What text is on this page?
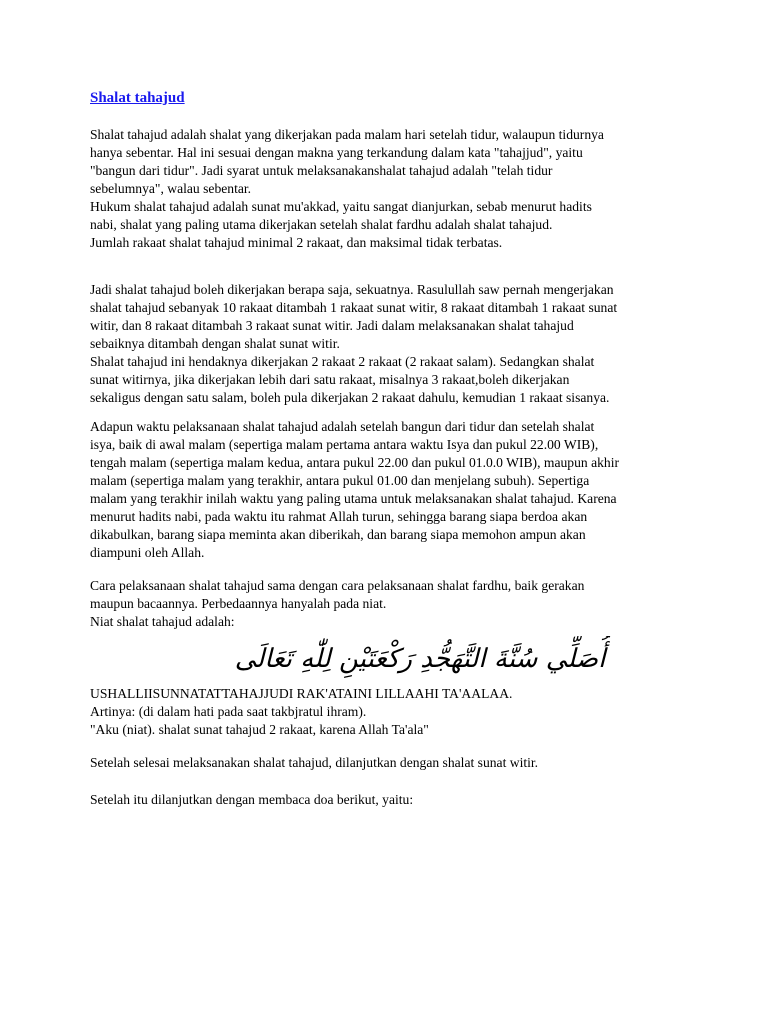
Shalat tahajud
Shalat tahajud adalah shalat yang dikerjakan pada malam hari setelah tidur, walaupun tidurnya
hanya sebentar. Hal ini sesuai dengan makna yang terkandung dalam kata "tahajjud", yaitu
"bangun dari tidur". Jadi syarat untuk melaksanakanshalat tahajud adalah "telah tidur
sebelumnya", walau sebentar.
Hukum shalat tahajud adalah sunat mu'akkad, yaitu sangat dianjurkan, sebab menurut hadits
nabi, shalat yang paling utama dikerjakan setelah shalat fardhu adalah shalat tahajud.
Jumlah rakaat shalat tahajud minimal 2 rakaat, dan maksimal tidak terbatas.
Jadi shalat tahajud boleh dikerjakan berapa saja, sekuatnya. Rasulullah saw pernah mengerjakan
shalat tahajud sebanyak 10 rakaat ditambah 1 rakaat sunat witir, 8 rakaat ditambah 1 rakaat sunat
witir, dan 8 rakaat ditambah 3 rakaat sunat witir. Jadi dalam melaksanakan shalat tahajud
sebaiknya ditambah dengan shalat sunat witir.
Shalat tahajud ini hendaknya dikerjakan 2 rakaat 2 rakaat (2 rakaat salam). Sedangkan shalat
sunat witirnya, jika dikerjakan lebih dari satu rakaat, misalnya 3 rakaat,boleh dikerjakan
sekaligus dengan satu salam, boleh pula dikerjakan 2 rakaat dahulu, kemudian 1 rakaat sisanya.
Adapun waktu pelaksanaan shalat tahajud adalah setelah bangun dari tidur dan setelah shalat
isya, baik di awal malam (sepertiga malam pertama antara waktu Isya dan pukul 22.00 WIB),
tengah malam (sepertiga malam kedua, antara pukul 22.00 dan pukul 01.0.0 WIB), maupun akhir
malam (sepertiga malam yang terakhir, antara pukul 01.00 dan menjelang subuh). Sepertiga
malam yang terakhir inilah waktu yang paling utama untuk melaksanakan shalat tahajud. Karena
menurut hadits nabi, pada waktu itu rahmat Allah turun, sehingga barang siapa berdoa akan
dikabulkan, barang siapa meminta akan diberikah, dan barang siapa memohon ampun akan
diampuni oleh Allah.
Cara pelaksanaan shalat tahajud sama dengan cara pelaksanaan shalat fardhu, baik gerakan
maupun bacaannya. Perbedaannya hanyalah pada niat.
Niat shalat tahajud adalah:
أُصَلِّي سُنَّةَ التَّهَجُّدِ رَكْعَتَيْنِ لِلّٰهِ تَعَالَى
USHALLIISUNNATATTAHAJJUDI RAK'ATAINI LILLAAHI TA'AALAA.
Artinya: (di dalam hati pada saat takbjratul ihram).
"Aku (niat). shalat sunat tahajud 2 rakaat, karena Allah Ta'ala"
Setelah selesai melaksanakan shalat tahajud, dilanjutkan dengan shalat sunat witir.
Setelah itu dilanjutkan dengan membaca doa berikut, yaitu:
